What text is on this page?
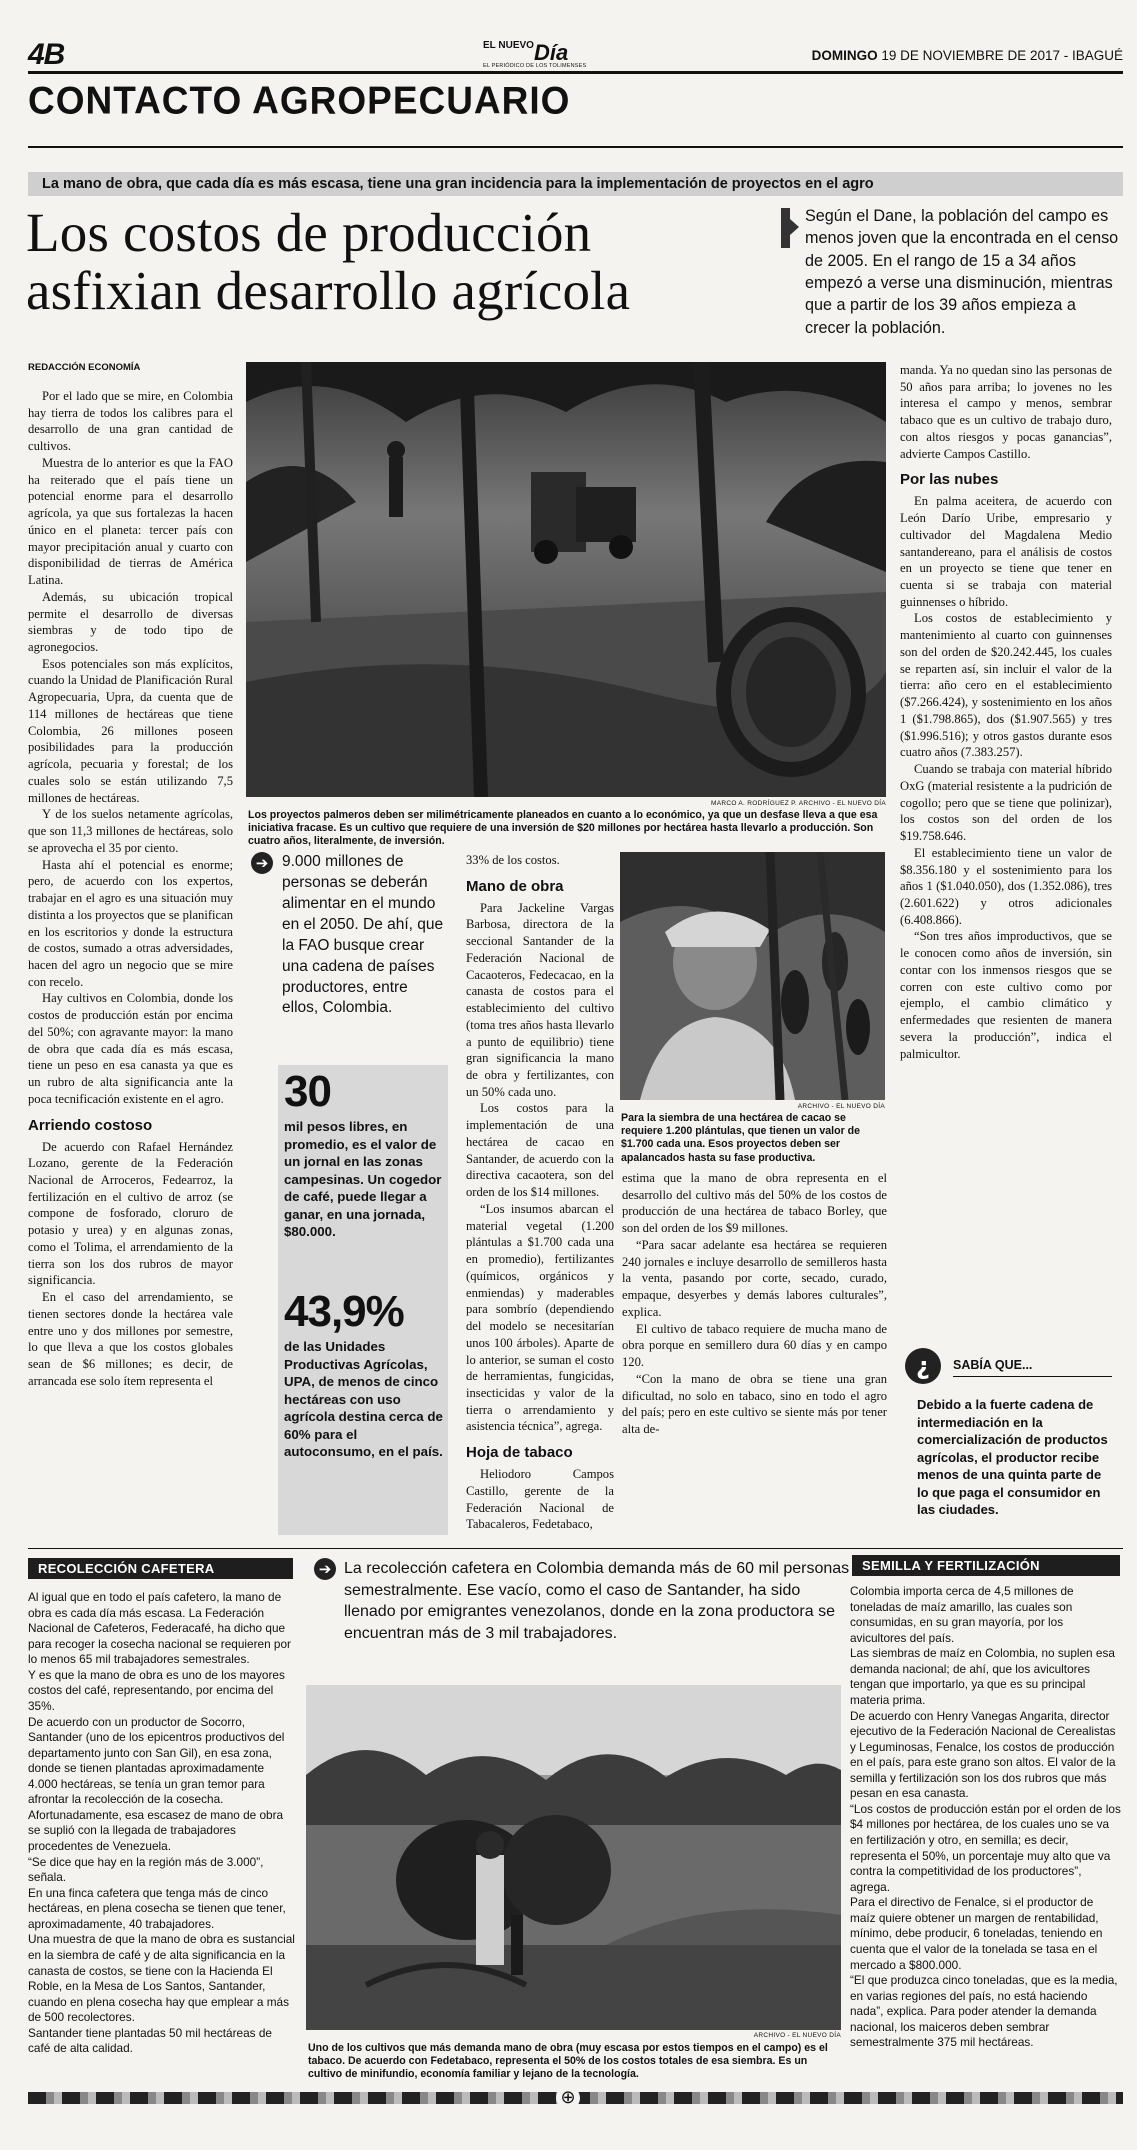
4B	$^{EL NUEVO}$Día
EL PERIÓDICO DE LOS TOLIMENSES
DOMINGO 19 DE NOVIEMBRE DE 2017 - IBAGUÉ
CONTACTO AGROPECUARIO
La mano de obra, que cada día es más escasa, tiene una gran incidencia para la implementación de proyectos en el agro
Los costos de producción
asfixian desarrollo agrícola
Según el Dane, la población del campo es menos joven que la encontrada en el censo de 2005. En el rango de 15 a 34 años empezó a verse una disminución, mientras que a partir de los 39 años empieza a crecer la población.
REDACCIÓN ECONOMÍA

Por el lado que se mire, en Colombia hay tierra de todos los calibres para el desarrollo de una gran cantidad de cultivos.

Muestra de lo anterior es que la FAO ha reiterado que el país tiene un potencial enorme para el desarrollo agrícola, ya que sus fortalezas la hacen único en el planeta: tercer país con mayor precipitación anual y cuarto con disponibilidad de tierras de América Latina.

Además, su ubicación tropical permite el desarrollo de diversas siembras y de todo tipo de agronegocios.

Esos potenciales son más explícitos, cuando la Unidad de Planificación Rural Agropecuaria, Upra, da cuenta que de 114 millones de hectáreas que tiene Colombia, 26 millones poseen posibilidades para la producción agrícola, pecuaria y forestal; de los cuales solo se están utilizando 7,5 millones de hectáreas.

Y de los suelos netamente agrícolas, que son 11,3 millones de hectáreas, solo se aprovecha el 35 por ciento.

Hasta ahí el potencial es enorme; pero, de acuerdo con los expertos, trabajar en el agro es una situación muy distinta a los proyectos que se planifican en los escritorios y donde la estructura de costos, sumado a otras adversidades, hacen del agro un negocio que se mire con recelo.

Hay cultivos en Colombia, donde los costos de producción están por encima del 50%; con agravante mayor: la mano de obra que cada día es más escasa, tiene un peso en esa canasta ya que es un rubro de alta significancia ante la poca tecnificación existente en el agro.

Arriendo costoso

De acuerdo con Rafael Hernández Lozano, gerente de la Federación Nacional de Arroceros, Fedearroz, la fertilización en el cultivo de arroz (se compone de fosforado, cloruro de potasio y urea) y en algunas zonas, como el Tolima, el arrendamiento de la tierra son los dos rubros de mayor significancia.

En el caso del arrendamiento, se tienen sectores donde la hectárea vale entre uno y dos millones por semestre, lo que lleva a que los costos globales sean de $6 millones; es decir, de arrancada ese solo ítem representa el

MARCO A. RODRÍGUEZ P. ARCHIVO - EL NUEVO DÍA
Los proyectos palmeros deben ser milimétricamente planeados en cuanto a lo económico, ya que un desfase lleva a que esa iniciativa fracase. Es un cultivo que requiere de una inversión de $20 millones por hectárea hasta llevarlo a producción. Son cuatro años, literalmente, de inversión.
➔ 9.000 millones de personas se deberán alimentar en el mundo en el 2050. De ahí, que la FAO busque crear una cadena de países productores, entre ellos, Colombia.
30
mil pesos libres, en promedio, es el valor de un jornal en las zonas campesinas. Un cogedor de café, puede llegar a ganar, en una jornada, $80.000.
43,9%
de las Unidades Productivas Agrícolas, UPA, de menos de cinco hectáreas con uso agrícola destina cerca de 60% para el autoconsumo, en el país.

33% de los costos.

Mano de obra

Para Jackeline Vargas Barbosa, directora de la seccional Santander de la Federación Nacional de Cacaoteros, Fedecacao, en la canasta de costos para el establecimiento del cultivo (toma tres años hasta llevarlo a punto de equilibrio) tiene gran significancia la mano de obra y fertilizantes, con un 50% cada uno.

Los costos para la implementación de una hectárea de cacao en Santander, de acuerdo con la directiva cacaotera, son del orden de los $14 millones.

“Los insumos abarcan el material vegetal (1.200 plántulas a $1.700 cada una en promedio), fertilizantes (químicos, orgánicos y enmiendas) y maderables para sombrío (dependiendo del modelo se necesitarían unos 100 árboles). Aparte de lo anterior, se suman el costo de herramientas, fungicidas, insecticidas y valor de la tierra o arrendamiento y asistencia técnica”, agrega.

Hoja de tabaco

Heliodoro Campos Castillo, gerente de la Federación Nacional de Tabacaleros, Fedetabaco,

ARCHIVO - EL NUEVO DÍA
Para la siembra de una hectárea de cacao se requiere 1.200 plántulas, que tienen un valor de $1.700 cada una. Esos proyectos deben ser apalancados hasta su fase productiva.

estima que la mano de obra representa en el desarrollo del cultivo más del 50% de los costos de producción de una hectárea de tabaco Borley, que son del orden de los $9 millones.

“Para sacar adelante esa hectárea se requieren 240 jornales e incluye desarrollo de semilleros hasta la venta, pasando por corte, secado, curado, empaque, desyerbes y demás labores culturales”, explica.

El cultivo de tabaco requiere de mucha mano de obra porque en semillero dura 60 días y en campo 120.

“Con la mano de obra se tiene una gran dificultad, no solo en tabaco, sino en todo el agro del país; pero en este cultivo se siente más por tener alta de-

manda. Ya no quedan sino las personas de 50 años para arriba; lo jovenes no les interesa el campo y menos, sembrar tabaco que es un cultivo de trabajo duro, con altos riesgos y pocas ganancias”, advierte Campos Castillo.

Por las nubes

En palma aceitera, de acuerdo con León Darío Uribe, empresario y cultivador del Magdalena Medio santandereano, para el análisis de costos en un proyecto se tiene que tener en cuenta si se trabaja con material guinnenses o híbrido.

Los costos de establecimiento y mantenimiento al cuarto con guinnenses son del orden de $20.242.445, los cuales se reparten así, sin incluir el valor de la tierra: año cero en el establecimiento ($7.266.424), y sostenimiento en los años 1 ($1.798.865), dos ($1.907.565) y tres ($1.996.516); y otros gastos durante esos cuatro años (7.383.257).

Cuando se trabaja con material híbrido OxG (material resistente a la pudrición de cogollo; pero que se tiene que polinizar), los costos son del orden de los $19.758.646.

El establecimiento tiene un valor de $8.356.180 y el sostenimiento para los años 1 ($1.040.050), dos (1.352.086), tres (2.601.622) y otros adicionales (6.408.866).

“Son tres años improductivos, que se le conocen como años de inversión, sin contar con los inmensos riesgos que se corren con este cultivo como por ejemplo, el cambio climático y enfermedades que resienten de manera severa la producción”, indica el palmicultor.

¿	SABÍA QUE...
Debido a la fuerte cadena de intermediación en la comercialización de productos agrícolas, el productor recibe menos de una quinta parte de lo que paga el consumidor en las ciudades.
RECOLECCIÓN CAFETERA

Al igual que en todo el país cafetero, la mano de obra es cada día más escasa. La Federación Nacional de Cafeteros, Federacafé, ha dicho que para recoger la cosecha nacional se requieren por lo menos 65 mil trabajadores semestrales.

Y es que la mano de obra es uno de los mayores costos del café, representando, por encima del 35%.

De acuerdo con un productor de Socorro, Santander (uno de los epicentros productivos del departamento junto con San Gil), en esa zona, donde se tienen plantadas aproximadamente 4.000 hectáreas, se tenía un gran temor para afrontar la recolección de la cosecha.

Afortunadamente, esa escasez de mano de obra se suplió con la llegada de trabajadores procedentes de Venezuela.

“Se dice que hay en la región más de 3.000”, señala.

En una finca cafetera que tenga más de cinco hectáreas, en plena cosecha se tienen que tener, aproximadamente, 40 trabajadores.

Una muestra de que la mano de obra es sustancial en la siembra de café y de alta significancia en la canasta de costos, se tiene con la Hacienda El Roble, en la Mesa de Los Santos, Santander, cuando en plena cosecha hay que emplear a más de 500 recolectores.

Santander tiene plantadas 50 mil hectáreas de café de alta calidad.

➔ La recolección cafetera en Colombia demanda más de 60 mil personas semestralmente. Ese vacío, como el caso de Santander, ha sido llenado por emigrantes venezolanos, donde en la zona productora se encuentran más de 3 mil trabajadores.
ARCHIVO - EL NUEVO DÍA
Uno de los cultivos que más demanda mano de obra (muy escasa por estos tiempos en el campo) es el tabaco. De acuerdo con Fedetabaco, representa el 50% de los costos totales de esa siembra. Es un cultivo de minifundio, economía familiar y lejano de la tecnología.
SEMILLA Y FERTILIZACIÓN

Colombia importa cerca de 4,5 millones de toneladas de maíz amarillo, las cuales son consumidas, en su gran mayoría, por los avicultores del país.

Las siembras de maíz en Colombia, no suplen esa demanda nacional; de ahí, que los avicultores tengan que importarlo, ya que es su principal materia prima.

De acuerdo con Henry Vanegas Angarita, director ejecutivo de la Federación Nacional de Cerealistas y Leguminosas, Fenalce, los costos de producción en el país, para este grano son altos. El valor de la semilla y fertilización son los dos rubros que más pesan en esa canasta.

“Los costos de producción están por el orden de los $4 millones por hectárea, de los cuales uno se va en fertilización y otro, en semilla; es decir, representa el 50%, un porcentaje muy alto que va contra la competitividad de los productores”, agrega.

Para el directivo de Fenalce, si el productor de maíz quiere obtener un margen de rentabilidad, mínimo, debe producir, 6 toneladas, teniendo en cuenta que el valor de la tonelada se tasa en el mercado a $800.000.

“El que produzca cinco toneladas, que es la media, en varias regiones del país, no está haciendo nada”, explica. Para poder atender la demanda nacional, los maiceros deben sembrar semestralmente 375 mil hectáreas.

⊕
